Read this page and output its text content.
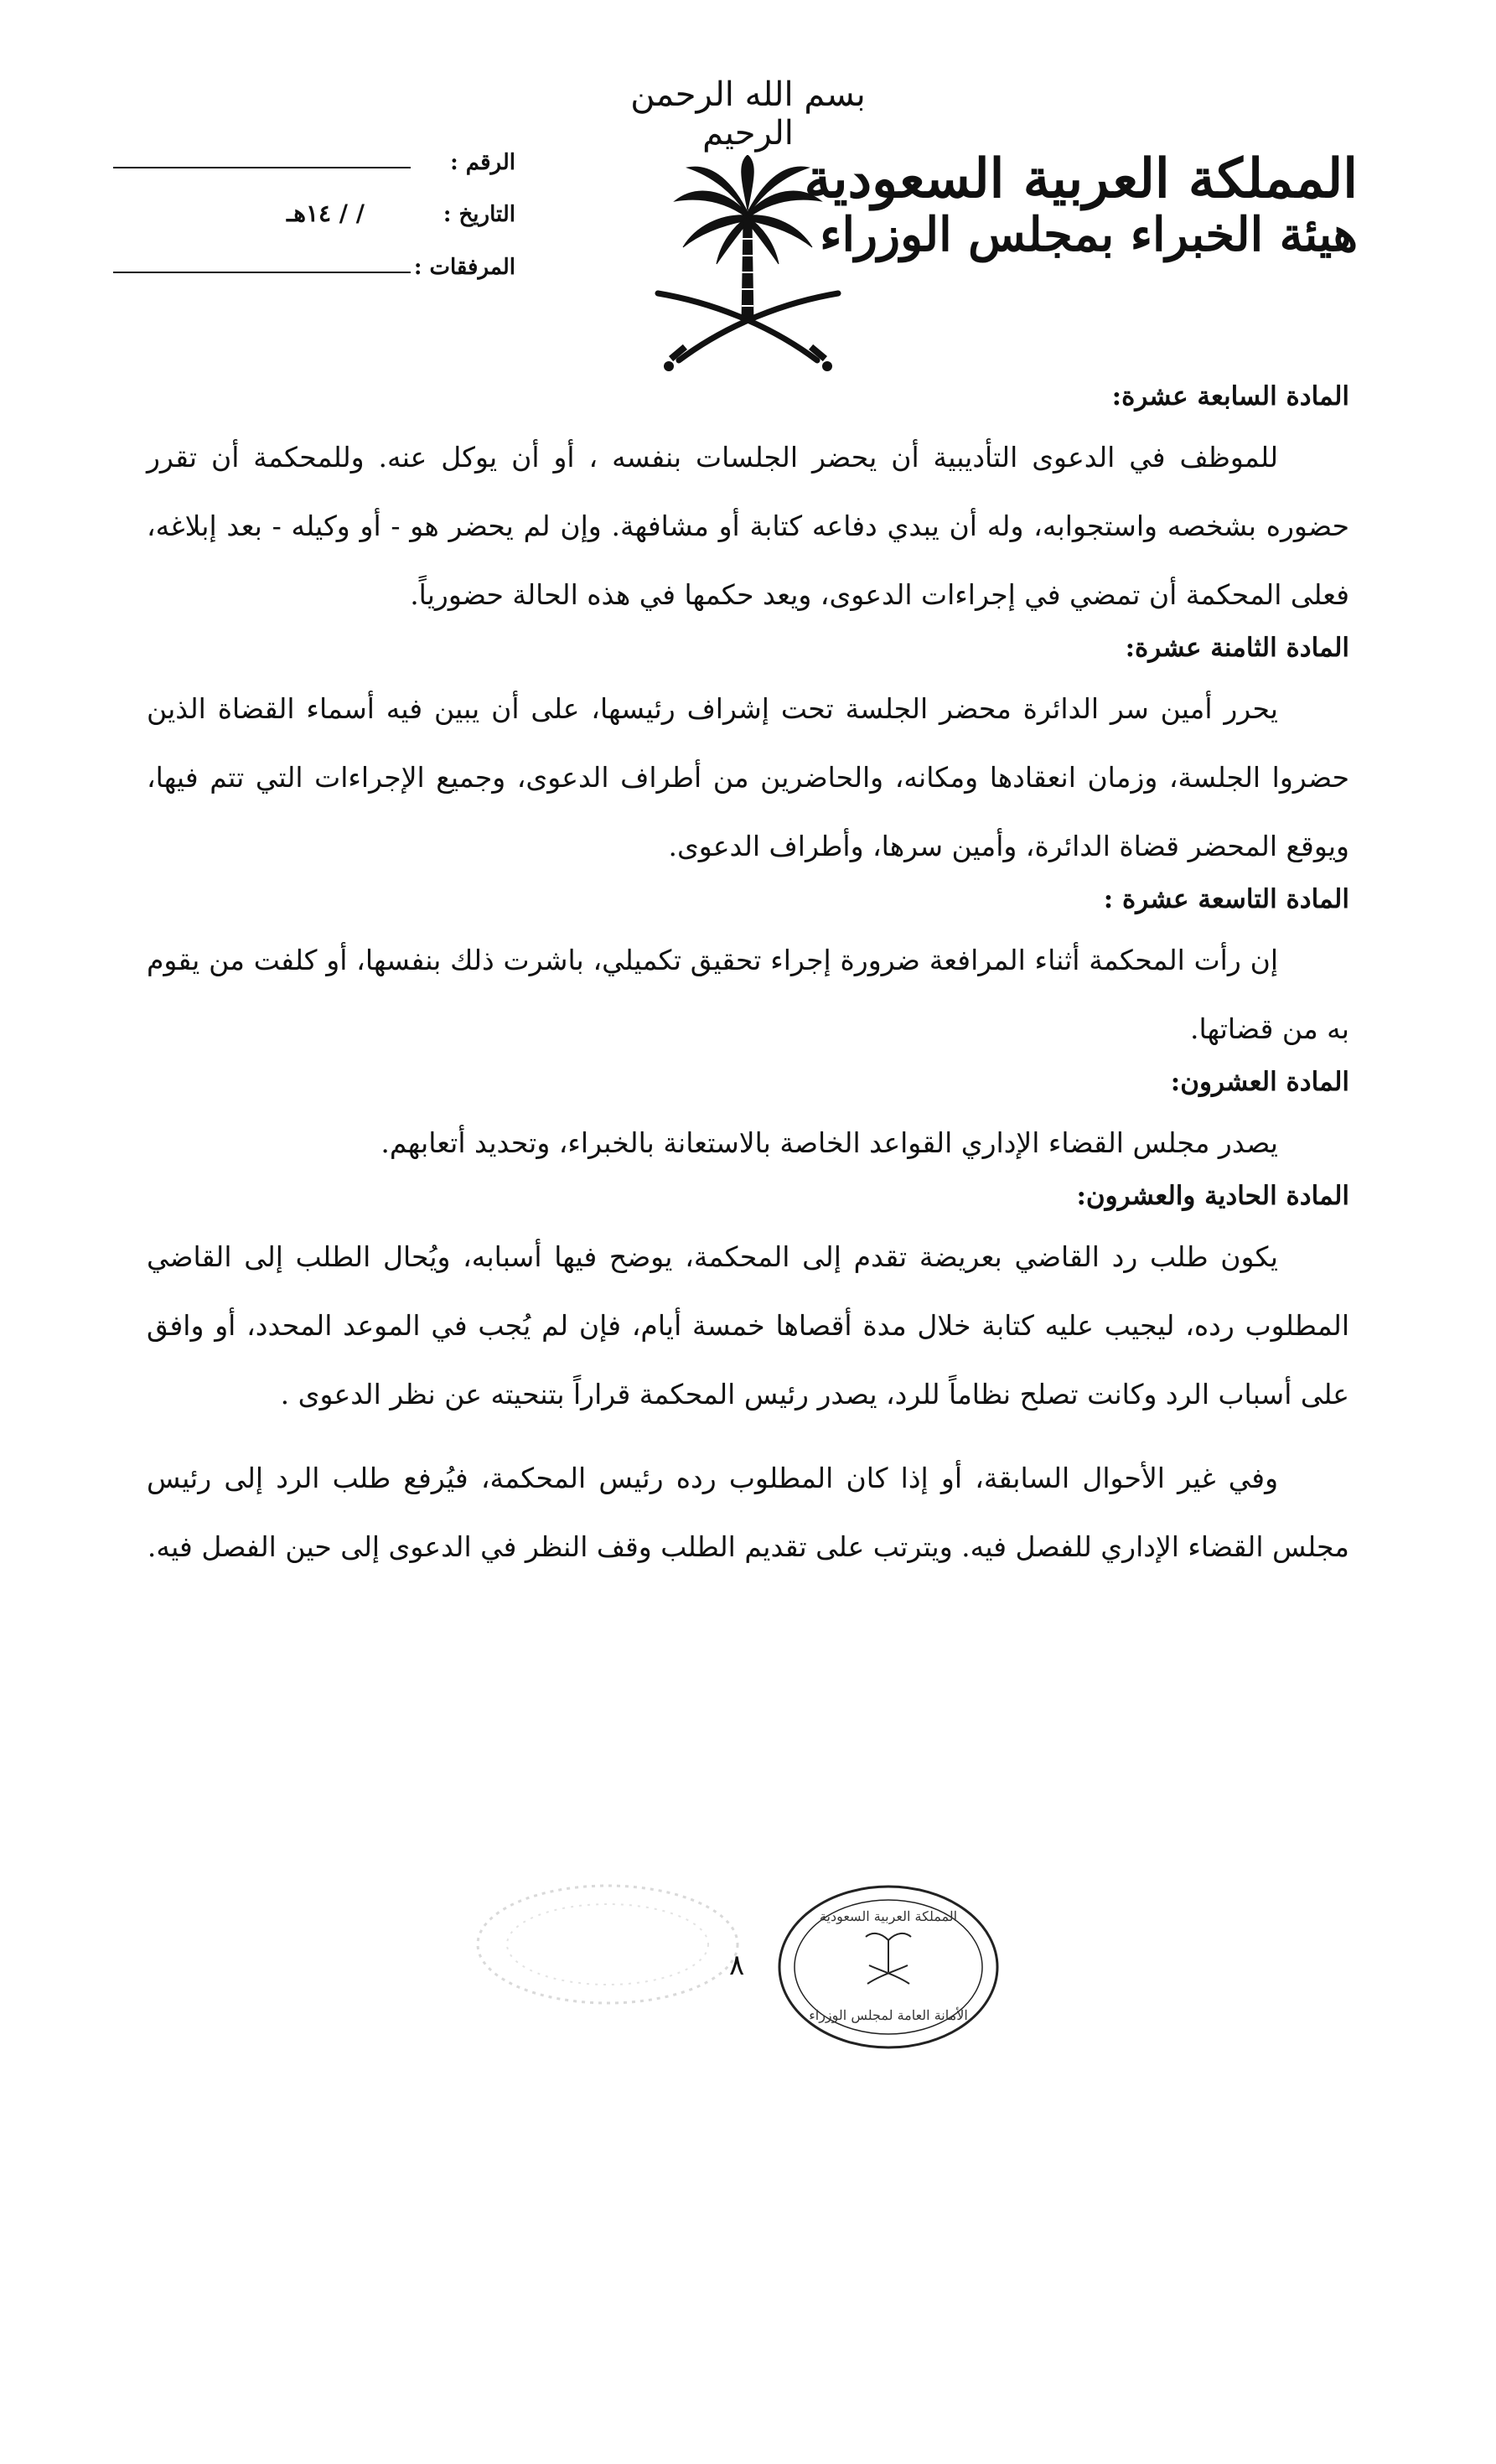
بسم الله الرحمن الرحيم
المملكة العربية السعودية
هيئة الخبراء بمجلس الوزراء
الرقم :
التاريخ :
/ / ١٤هـ
المرفقات :

المادة السابعة عشرة:

للموظف في الدعوى التأديبية أن يحضر الجلسات بنفسه ، أو أن يوكل عنه. وللمحكمة أن تقرر حضوره بشخصه واستجوابه، وله أن يبدي دفاعه كتابة أو مشافهة. وإن لم يحضر هو - أو وكيله - بعد إبلاغه، فعلى المحكمة أن تمضي في إجراءات الدعوى، ويعد حكمها في هذه الحالة حضورياً.

المادة الثامنة عشرة:

يحرر أمين سر الدائرة محضر الجلسة تحت إشراف رئيسها، على أن يبين فيه أسماء القضاة الذين حضروا الجلسة، وزمان انعقادها ومكانه، والحاضرين من أطراف الدعوى، وجميع الإجراءات التي تتم فيها، ويوقع المحضر قضاة الدائرة، وأمين سرها، وأطراف الدعوى.

المادة التاسعة عشرة :

إن رأت المحكمة أثناء المرافعة ضرورة إجراء تحقيق تكميلي، باشرت ذلك بنفسها، أو كلفت من يقوم به من قضاتها.

المادة العشرون:

يصدر مجلس القضاء الإداري القواعد الخاصة بالاستعانة بالخبراء، وتحديد أتعابهم.

المادة الحادية والعشرون:

يكون طلب رد القاضي بعريضة تقدم إلى المحكمة، يوضح فيها أسبابه، ويُحال الطلب إلى القاضي المطلوب رده، ليجيب عليه كتابة خلال مدة أقصاها خمسة أيام، فإن لم يُجب في الموعد المحدد، أو وافق على أسباب الرد وكانت تصلح نظاماً للرد، يصدر رئيس المحكمة قراراً بتنحيته عن نظر الدعوى .

وفي غير الأحوال السابقة، أو إذا كان المطلوب رده رئيس المحكمة، فيُرفع طلب الرد إلى رئيس مجلس القضاء الإداري للفصل فيه. ويترتب على تقديم الطلب وقف النظر في الدعوى إلى حين الفصل فيه.

٨
المملكة العربية السعودية
الأمانة العامة لمجلس الوزراء
